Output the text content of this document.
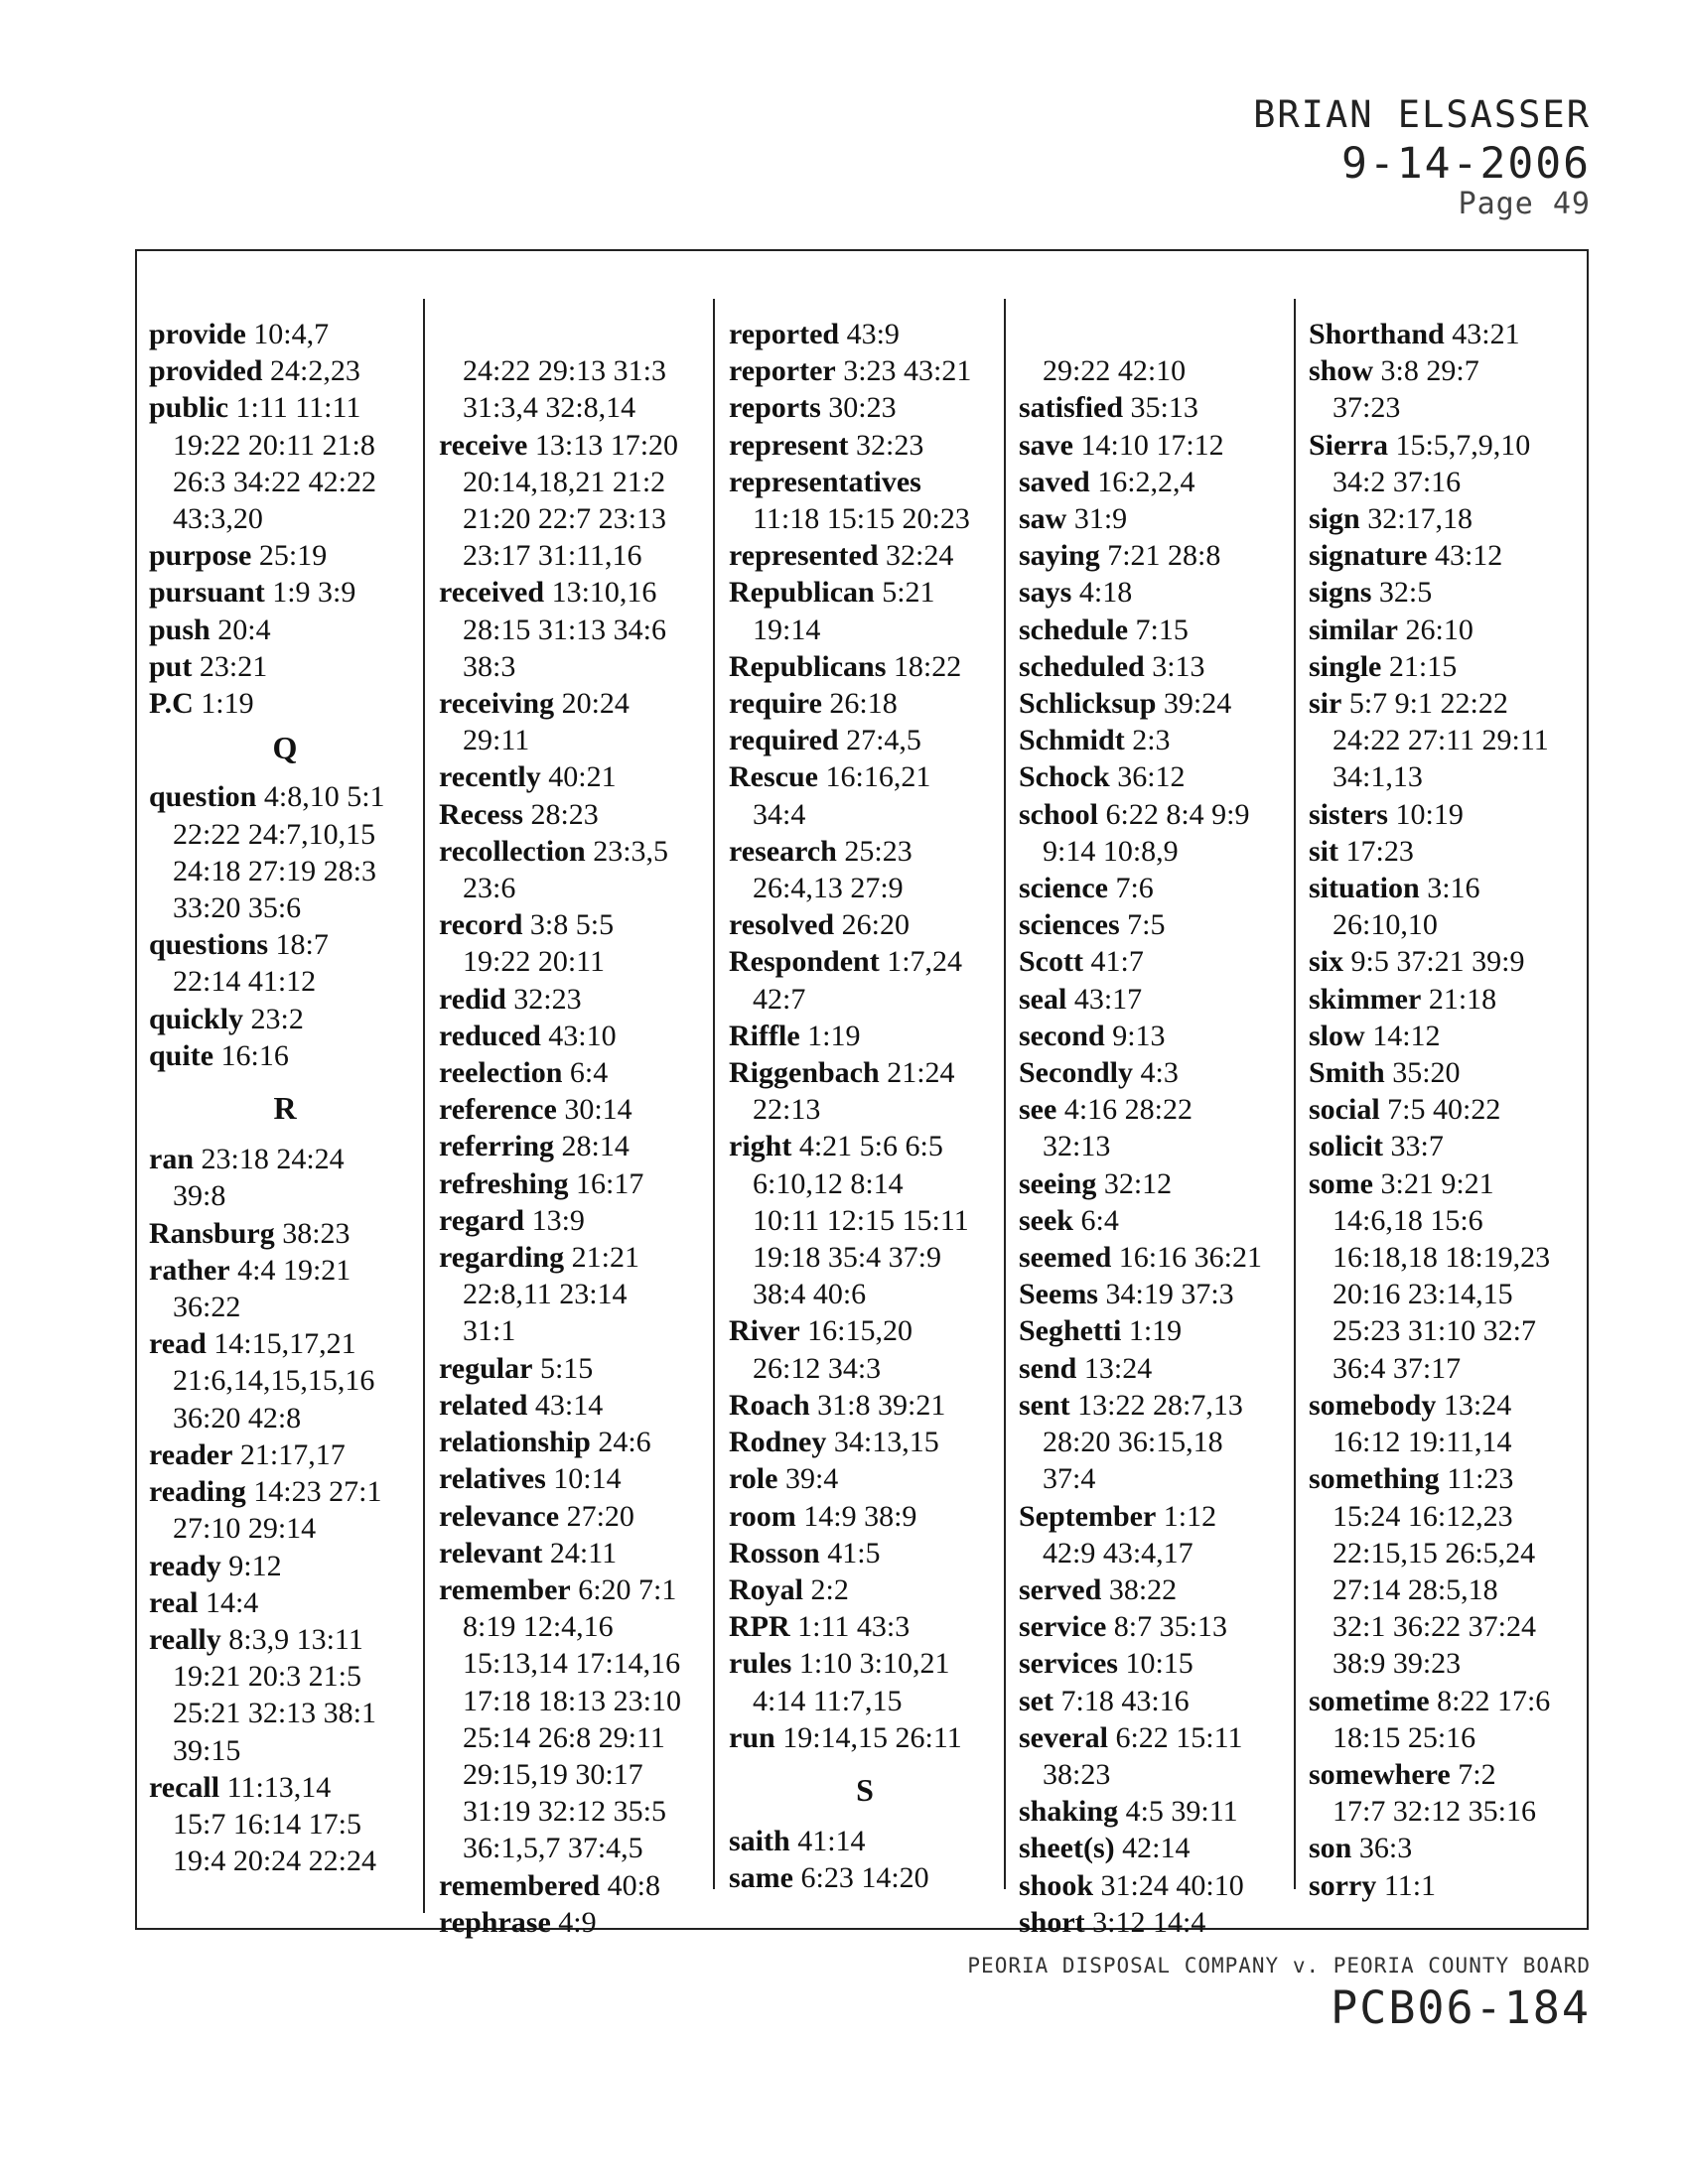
BRIAN ELSASSER
9-14-2006
Page 49
provide 10:4,7
provided 24:2,23
public 1:11 11:11
19:22 20:11 21:8
26:3 34:22 42:22
43:3,20
purpose 25:19
pursuant 1:9 3:9
push 20:4
put 23:21
P.C 1:19
Q
question 4:8,10 5:1
22:22 24:7,10,15
24:18 27:19 28:3
33:20 35:6
questions 18:7
22:14 41:12
quickly 23:2
quite 16:16
R
ran 23:18 24:24
39:8
Ransburg 38:23
rather 4:4 19:21
36:22
read 14:15,17,21
21:6,14,15,15,16
36:20 42:8
reader 21:17,17
reading 14:23 27:1
27:10 29:14
ready 9:12
real 14:4
really 8:3,9 13:11
19:21 20:3 21:5
25:21 32:13 38:1
39:15
recall 11:13,14
15:7 16:14 17:5
19:4 20:24 22:24

24:22 29:13 31:3
31:3,4 32:8,14
receive 13:13 17:20
20:14,18,21 21:2
21:20 22:7 23:13
23:17 31:11,16
received 13:10,16
28:15 31:13 34:6
38:3
receiving 20:24
29:11
recently 40:21
Recess 28:23
recollection 23:3,5
23:6
record 3:8 5:5
19:22 20:11
redid 32:23
reduced 43:10
reelection 6:4
reference 30:14
referring 28:14
refreshing 16:17
regard 13:9
regarding 21:21
22:8,11 23:14
31:1
regular 5:15
related 43:14
relationship 24:6
relatives 10:14
relevance 27:20
relevant 24:11
remember 6:20 7:1
8:19 12:4,16
15:13,14 17:14,16
17:18 18:13 23:10
25:14 26:8 29:11
29:15,19 30:17
31:19 32:12 35:5
36:1,5,7 37:4,5
remembered 40:8
rephrase 4:9
reported 43:9
reporter 3:23 43:21
reports 30:23
represent 32:23
representatives
11:18 15:15 20:23
represented 32:24
Republican 5:21
19:14
Republicans 18:22
require 26:18
required 27:4,5
Rescue 16:16,21
34:4
research 25:23
26:4,13 27:9
resolved 26:20
Respondent 1:7,24
42:7
Riffle 1:19
Riggenbach 21:24
22:13
right 4:21 5:6 6:5
6:10,12 8:14
10:11 12:15 15:11
19:18 35:4 37:9
38:4 40:6
River 16:15,20
26:12 34:3
Roach 31:8 39:21
Rodney 34:13,15
role 39:4
room 14:9 38:9
Rosson 41:5
Royal 2:2
RPR 1:11 43:3
rules 1:10 3:10,21
4:14 11:7,15
run 19:14,15 26:11
S
saith 41:14
same 6:23 14:20

29:22 42:10
satisfied 35:13
save 14:10 17:12
saved 16:2,2,4
saw 31:9
saying 7:21 28:8
says 4:18
schedule 7:15
scheduled 3:13
Schlicksup 39:24
Schmidt 2:3
Schock 36:12
school 6:22 8:4 9:9
9:14 10:8,9
science 7:6
sciences 7:5
Scott 41:7
seal 43:17
second 9:13
Secondly 4:3
see 4:16 28:22
32:13
seeing 32:12
seek 6:4
seemed 16:16 36:21
Seems 34:19 37:3
Seghetti 1:19
send 13:24
sent 13:22 28:7,13
28:20 36:15,18
37:4
September 1:12
42:9 43:4,17
served 38:22
service 8:7 35:13
services 10:15
set 7:18 43:16
several 6:22 15:11
38:23
shaking 4:5 39:11
sheet(s) 42:14
shook 31:24 40:10
short 3:12 14:4
Shorthand 43:21
show 3:8 29:7
37:23
Sierra 15:5,7,9,10
34:2 37:16
sign 32:17,18
signature 43:12
signs 32:5
similar 26:10
single 21:15
sir 5:7 9:1 22:22
24:22 27:11 29:11
34:1,13
sisters 10:19
sit 17:23
situation 3:16
26:10,10
six 9:5 37:21 39:9
skimmer 21:18
slow 14:12
Smith 35:20
social 7:5 40:22
solicit 33:7
some 3:21 9:21
14:6,18 15:6
16:18,18 18:19,23
20:16 23:14,15
25:23 31:10 32:7
36:4 37:17
somebody 13:24
16:12 19:11,14
something 11:23
15:24 16:12,23
22:15,15 26:5,24
27:14 28:5,18
32:1 36:22 37:24
38:9 39:23
sometime 8:22 17:6
18:15 25:16
somewhere 7:2
17:7 32:12 35:16
son 36:3
sorry 11:1
PEORIA DISPOSAL COMPANY v. PEORIA COUNTY BOARD
PCB06-184
